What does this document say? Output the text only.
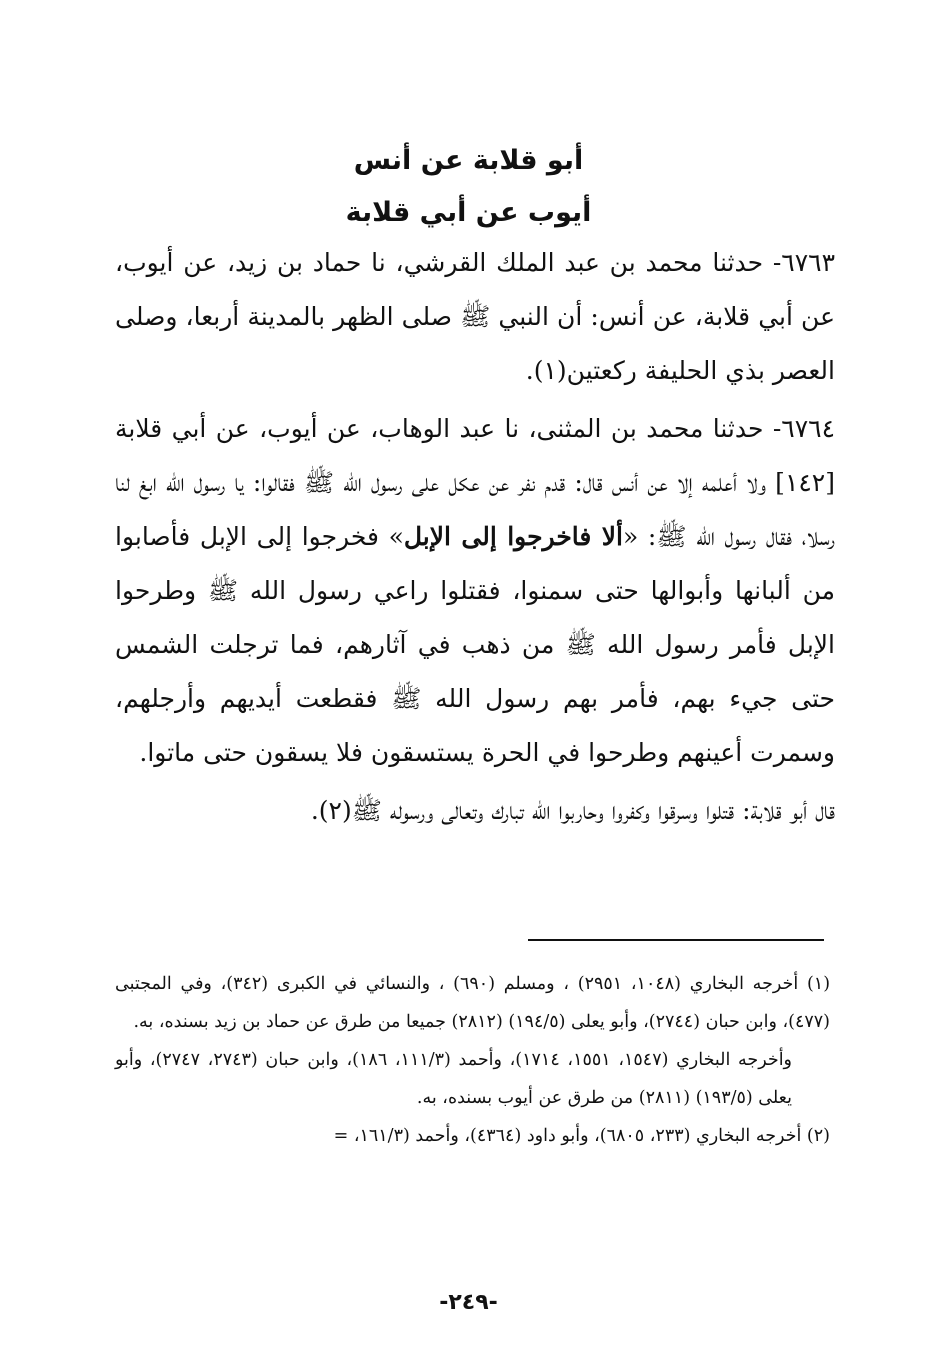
أبو قلابة عن أنس
أيوب عن أبي قلابة

٦٧٦٣- حدثنا محمد بن عبد الملك القرشي، نا حماد بن زيد، عن أيوب، عن أبي قلابة، عن أنس: أن النبي ﷺ صلى الظهر بالمدينة أربعا، وصلى العصر بذي الحليفة ركعتين(١).

٦٧٦٤- حدثنا محمد بن المثنى، نا عبد الوهاب، عن أيوب، عن أبي قلابة [١٤٢] ولا أعلمه إلا عن أنس قال: قدم نفر عن عكل على رسول الله ﷺ فقالوا: يا رسول الله ابغ لنا رسلا، فقال رسول الله ﷺ: «ألا فاخرجوا إلى الإبل» فخرجوا إلى الإبل فأصابوا من ألبانها وأبوالها حتى سمنوا، فقتلوا راعي رسول الله ﷺ وطرحوا الإبل فأمر رسول الله ﷺ من ذهب في آثارهم، فما ترجلت الشمس حتى جيء بهم، فأمر بهم رسول الله ﷺ فقطعت أيديهم وأرجلهم، وسمرت أعينهم وطرحوا في الحرة يستسقون فلا يسقون حتى ماتوا.

قال أبو قلابة: قتلوا وسرقوا وكفروا وحاربوا الله تبارك وتعالى ورسوله ﷺ(٢).

(١) أخرجه البخاري (١٠٤٨، ٢٩٥١) ، ومسلم (٦٩٠) ، والنسائي في الكبرى (٣٤٢)، وفي المجتبى (٤٧٧)، وابن حبان (٢٧٤٤)، وأبو يعلى (١٩٤/٥) (٢٨١٢) جميعا من طرق عن حماد بن زيد بسنده، به.

وأخرجه البخاري (١٥٤٧، ١٥٥١، ١٧١٤)، وأحمد (١١١/٣، ١٨٦)، وابن حبان (٢٧٤٣، ٢٧٤٧)، وأبو يعلى (١٩٣/٥) (٢٨١١) من طرق عن أيوب بسنده، به.

(٢) أخرجه البخاري (٢٣٣، ٦٨٠٥)، وأبو داود (٤٣٦٤)، وأحمد (١٦١/٣، =

-٢٤٩-
